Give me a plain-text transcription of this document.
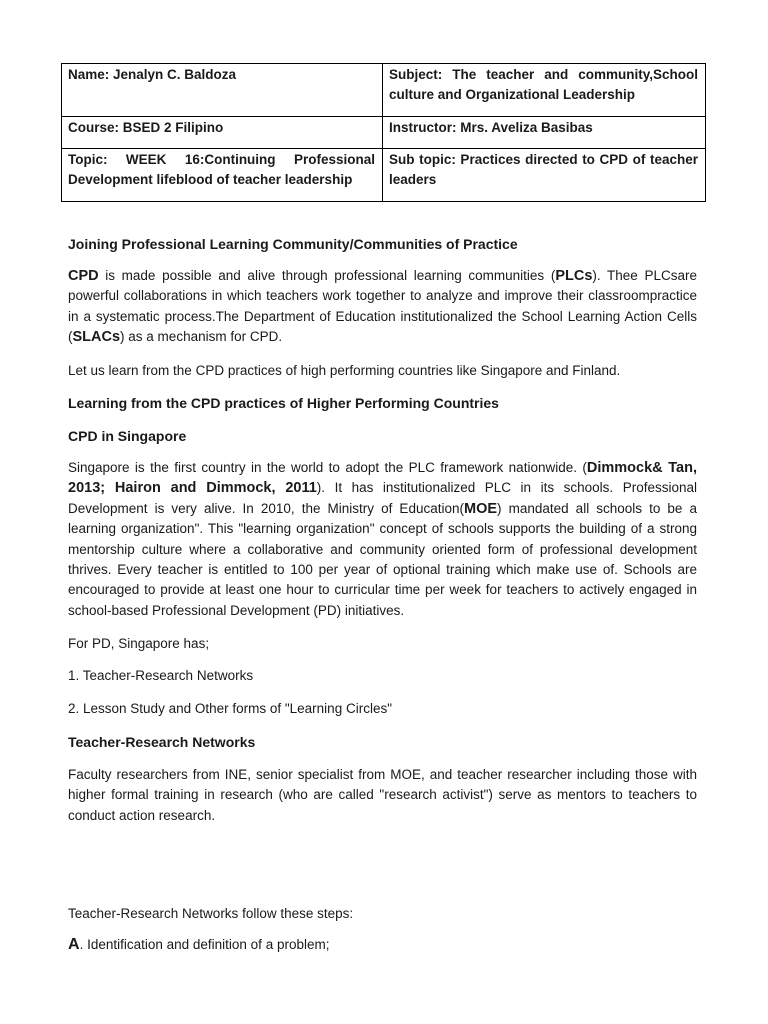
Name: Jenalyn C. Baldoza	Subject: The teacher and community,School culture and Organizational Leadership

Course: BSED 2 Filipino	Instructor: Mrs. Aveliza Basibas

Topic: WEEK 16:Continuing Professional Development lifeblood of teacher leadership	Sub topic: Practices directed to CPD of teacher leaders

Joining Professional Learning Community/Communities of Practice

CPD is made possible and alive through professional learning communities (PLCs). Thee PLCsare powerful collaborations in which teachers work together to analyze and improve their classroompractice in a systematic process.The Department of Education institutionalized the School Learning Action Cells (SLACs) as a mechanism for CPD.

Let us learn from the CPD practices of high performing countries like Singapore and Finland.

Learning from the CPD practices of Higher Performing Countries

CPD in Singapore

Singapore is the first country in the world to adopt the PLC framework nationwide. (Dimmock& Tan, 2013; Hairon and Dimmock, 2011). It has institutionalized PLC in its schools. Professional Development is very alive. In 2010, the Ministry of Education(MOE) mandated all schools to be a learning organization". This "learning organization" concept of schools supports the building of a strong mentorship culture where a collaborative and community oriented form of professional development thrives. Every teacher is entitled to 100 per year of optional training which make use of. Schools are encouraged to provide at least one hour to curricular time per week for teachers to actively engaged in school-based Professional Development (PD) initiatives.

For PD, Singapore has;

1. Teacher-Research Networks

2. Lesson Study and Other forms of "Learning Circles"

Teacher-Research Networks

Faculty researchers from INE, senior specialist from MOE, and teacher researcher including those with higher formal training in research (who are called "research activist") serve as mentors to teachers to conduct action research.

Teacher-Research Networks follow these steps:

A. Identification and definition of a problem;
